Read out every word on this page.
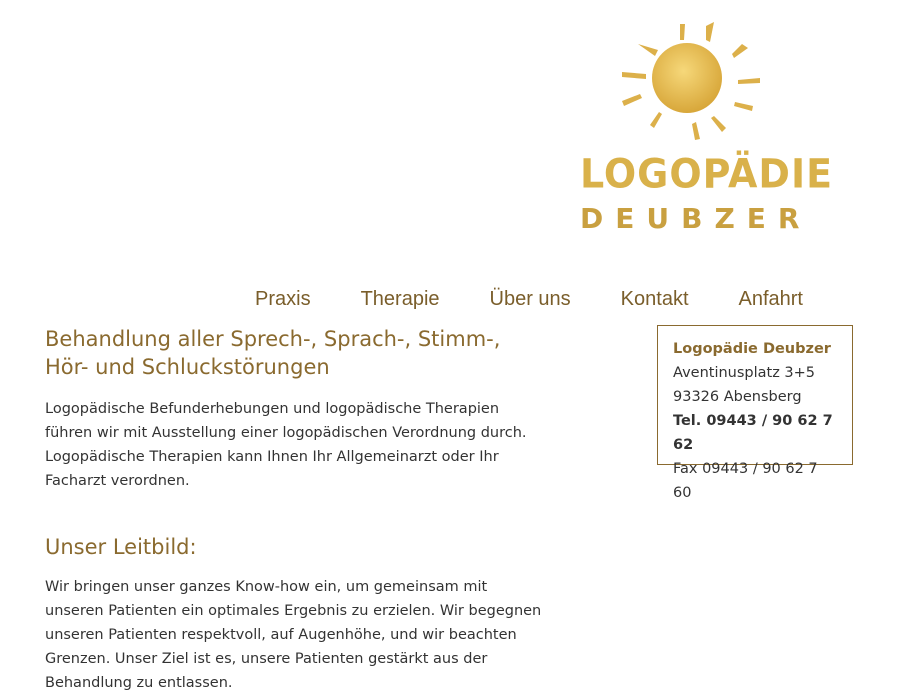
LOGOPÄDIE
DEUBZER
Praxis	Therapie	Über uns	Kontakt	Anfahrt
Behandlung aller Sprech-, Sprach-, Stimm-, Hör- und Schluckstörungen

Logopädische Befunderhebungen und logopädische Therapien führen wir mit Ausstellung einer logopädischen Verordnung durch.
Logopädische Therapien kann Ihnen Ihr Allgemeinarzt oder Ihr Facharzt verordnen.

Unser Leitbild:

Wir bringen unser ganzes Know-how ein, um gemeinsam mit unseren Patienten ein optimales Ergebnis zu erzielen. Wir begegnen unseren Patienten respektvoll, auf Augenhöhe, und wir beachten Grenzen. Unser Ziel ist es, unsere Patienten gestärkt aus der Behandlung zu entlassen.

Logopädie Deubzer
Aventinusplatz 3+5
93326 Abensberg
Tel. 09443 / 90 62 7 62
Fax 09443 / 90 62 7 60
